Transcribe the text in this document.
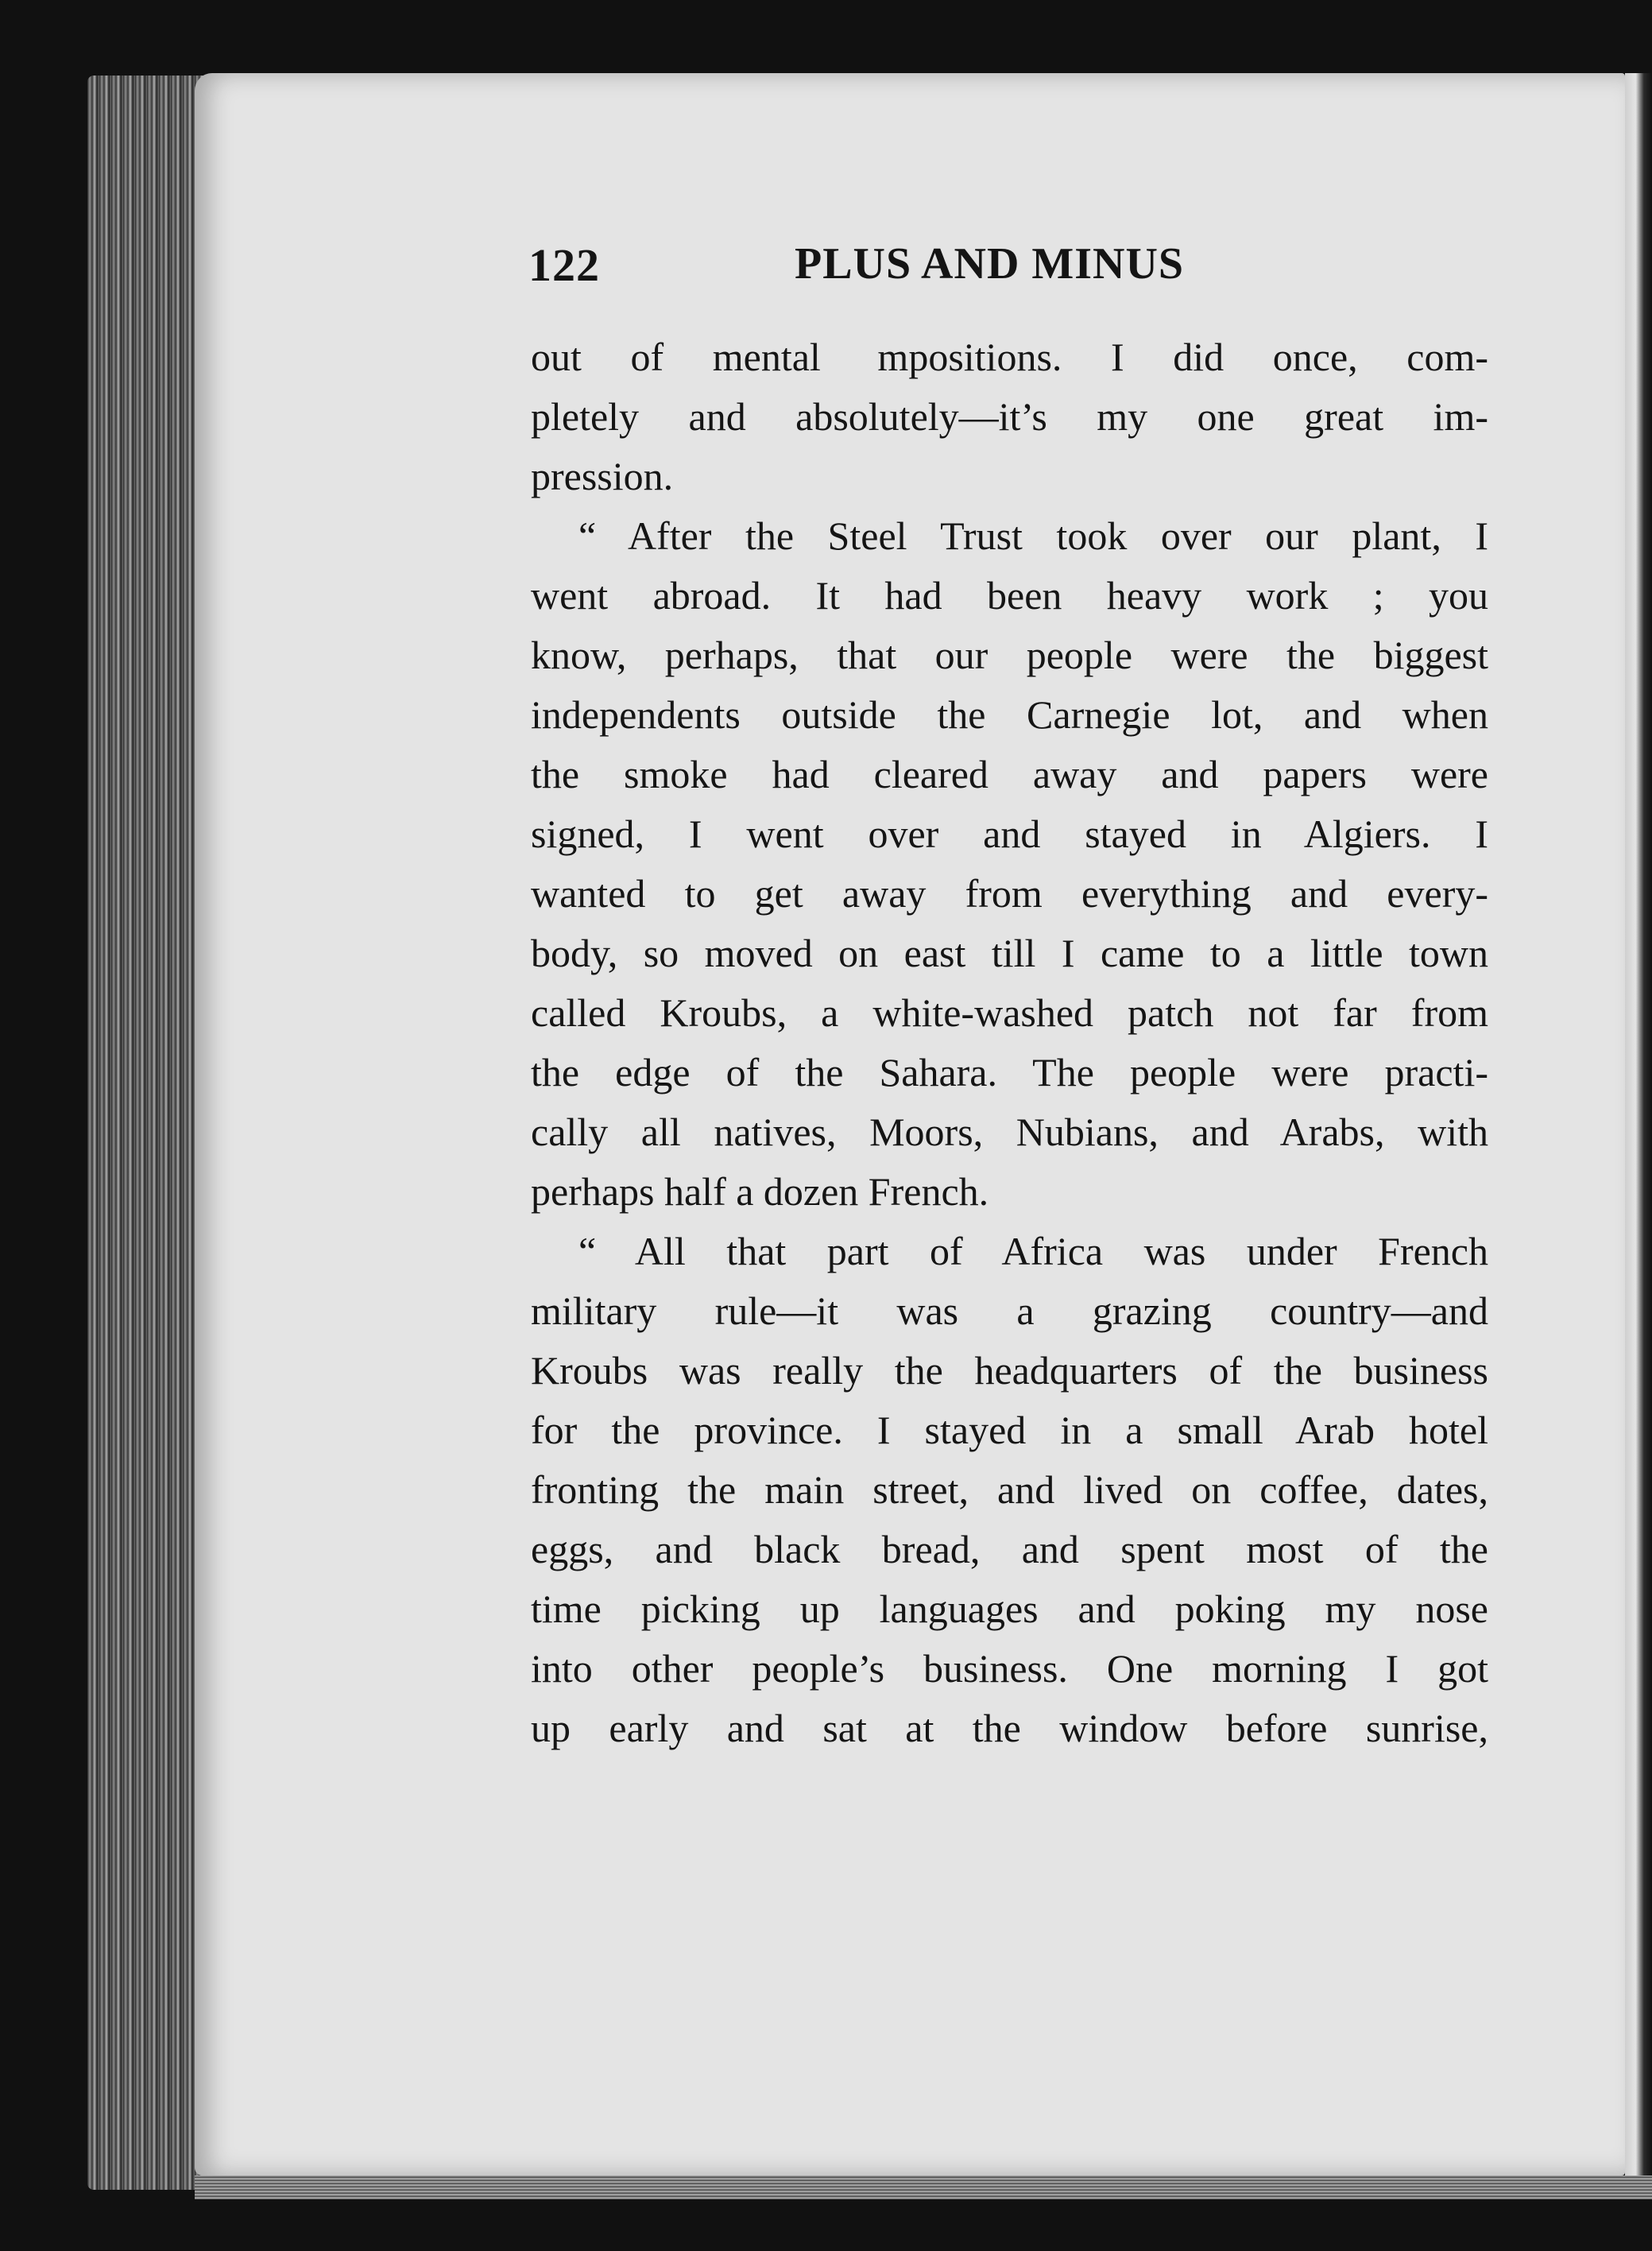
122	PLUS AND MINUS
out of mental  mpositions. I did once, com-
pletely and absolutely—it’s my one great im-
pression.
“ After the Steel Trust took over our plant, I
went abroad. It had been heavy work ; you
know, perhaps, that our people were the biggest
independents outside the Carnegie lot, and when
the smoke had cleared away and papers were
signed, I went over and stayed in Algiers. I
wanted to get away from everything and every-
body, so moved on east till I came to a little town
called Kroubs, a white-washed patch not far from
the edge of the Sahara. The people were practi-
cally all natives, Moors, Nubians, and Arabs, with
perhaps half a dozen French.
“ All that part of Africa was under French
military rule—it was a grazing country—and
Kroubs was really the headquarters of the business
for the province. I stayed in a small Arab hotel
fronting the main street, and lived on coffee, dates,
eggs, and black bread, and spent most of the
time picking up languages and poking my nose
into other people’s business. One morning I got
up early and sat at the window before sunrise,
